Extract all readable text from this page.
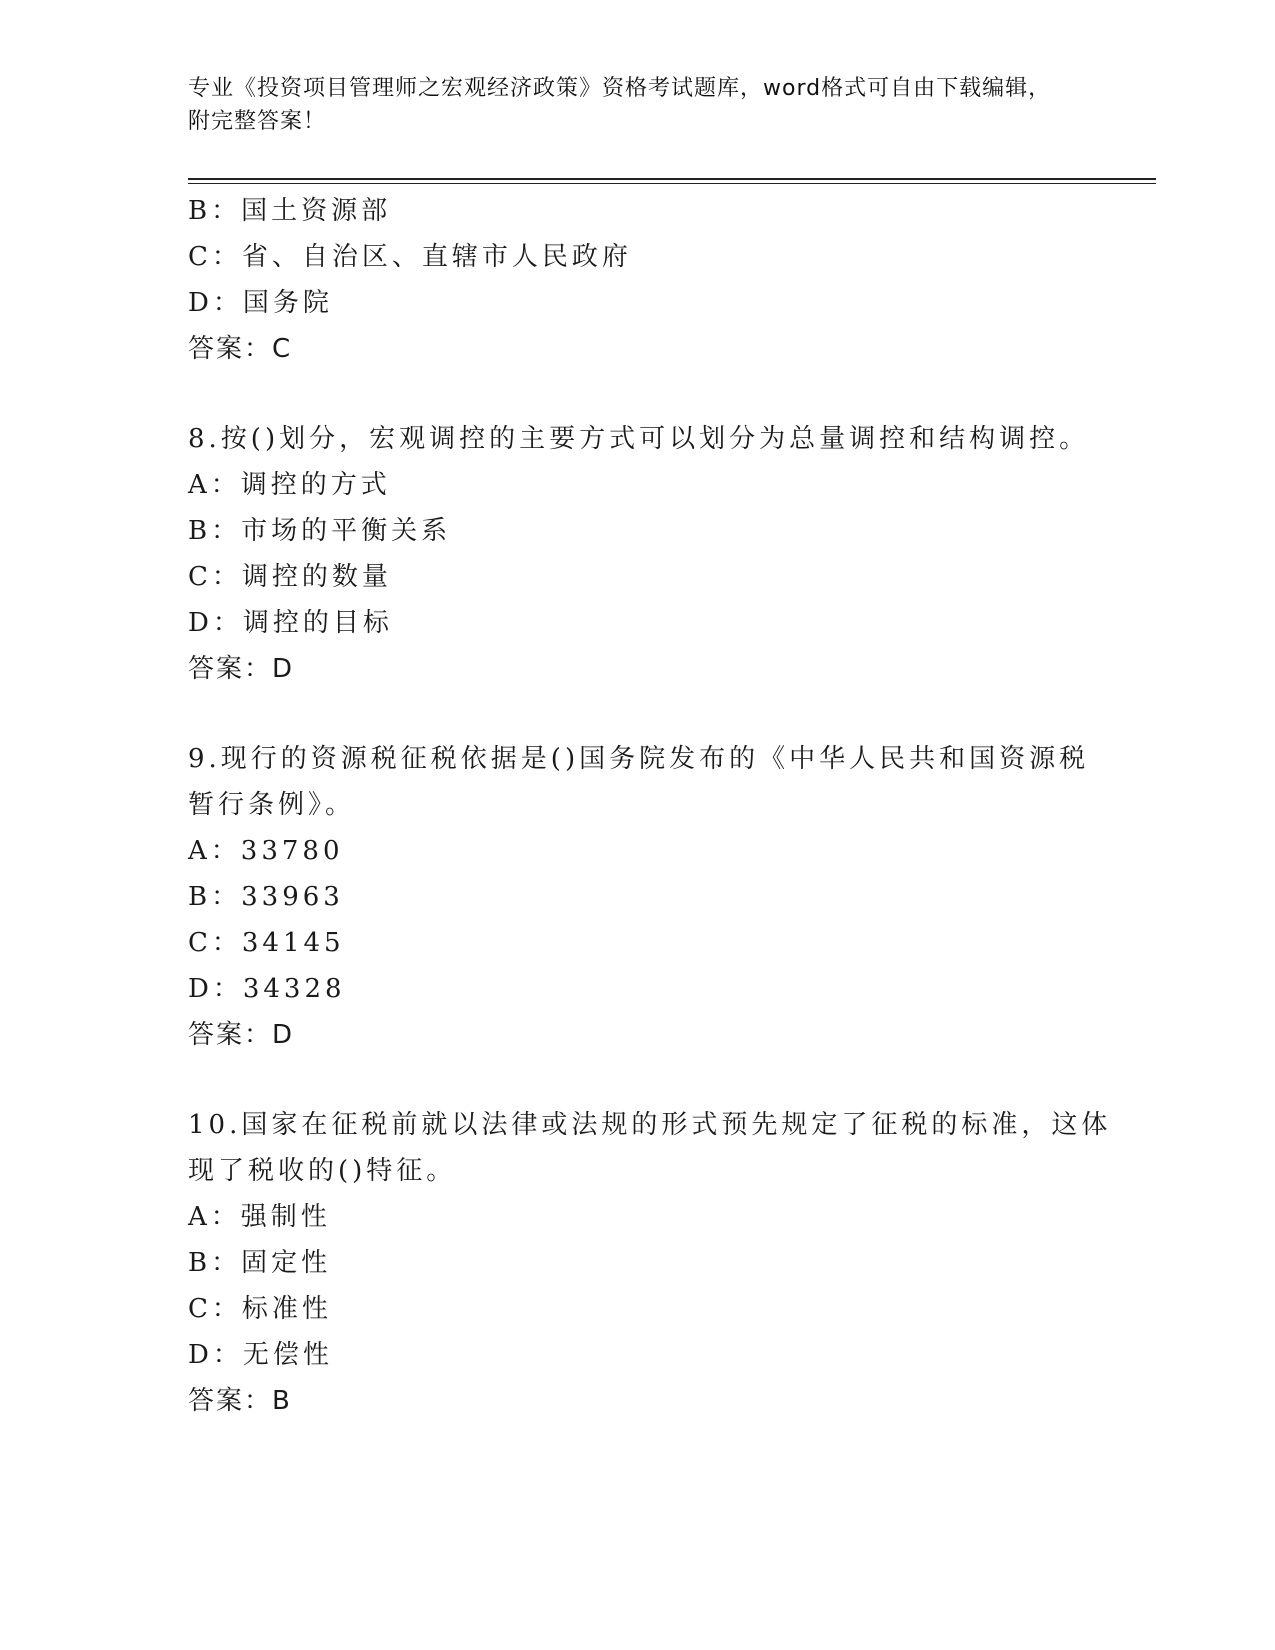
专业《投资项目管理师之宏观经济政策》资格考试题库，word格式可自由下载编辑，附完整答案！
B：国土资源部
C：省、自治区、直辖市人民政府
D：国务院
答案：C
8.按()划分，宏观调控的主要方式可以划分为总量调控和结构调控。
A：调控的方式
B：市场的平衡关系
C：调控的数量
D：调控的目标
答案：D
9.现行的资源税征税依据是()国务院发布的《中华人民共和国资源税
暂行条例》。
A：33780
B：33963
C：34145
D：34328
答案：D
10.国家在征税前就以法律或法规的形式预先规定了征税的标准，这体
现了税收的()特征。
A：强制性
B：固定性
C：标准性
D：无偿性
答案：B
